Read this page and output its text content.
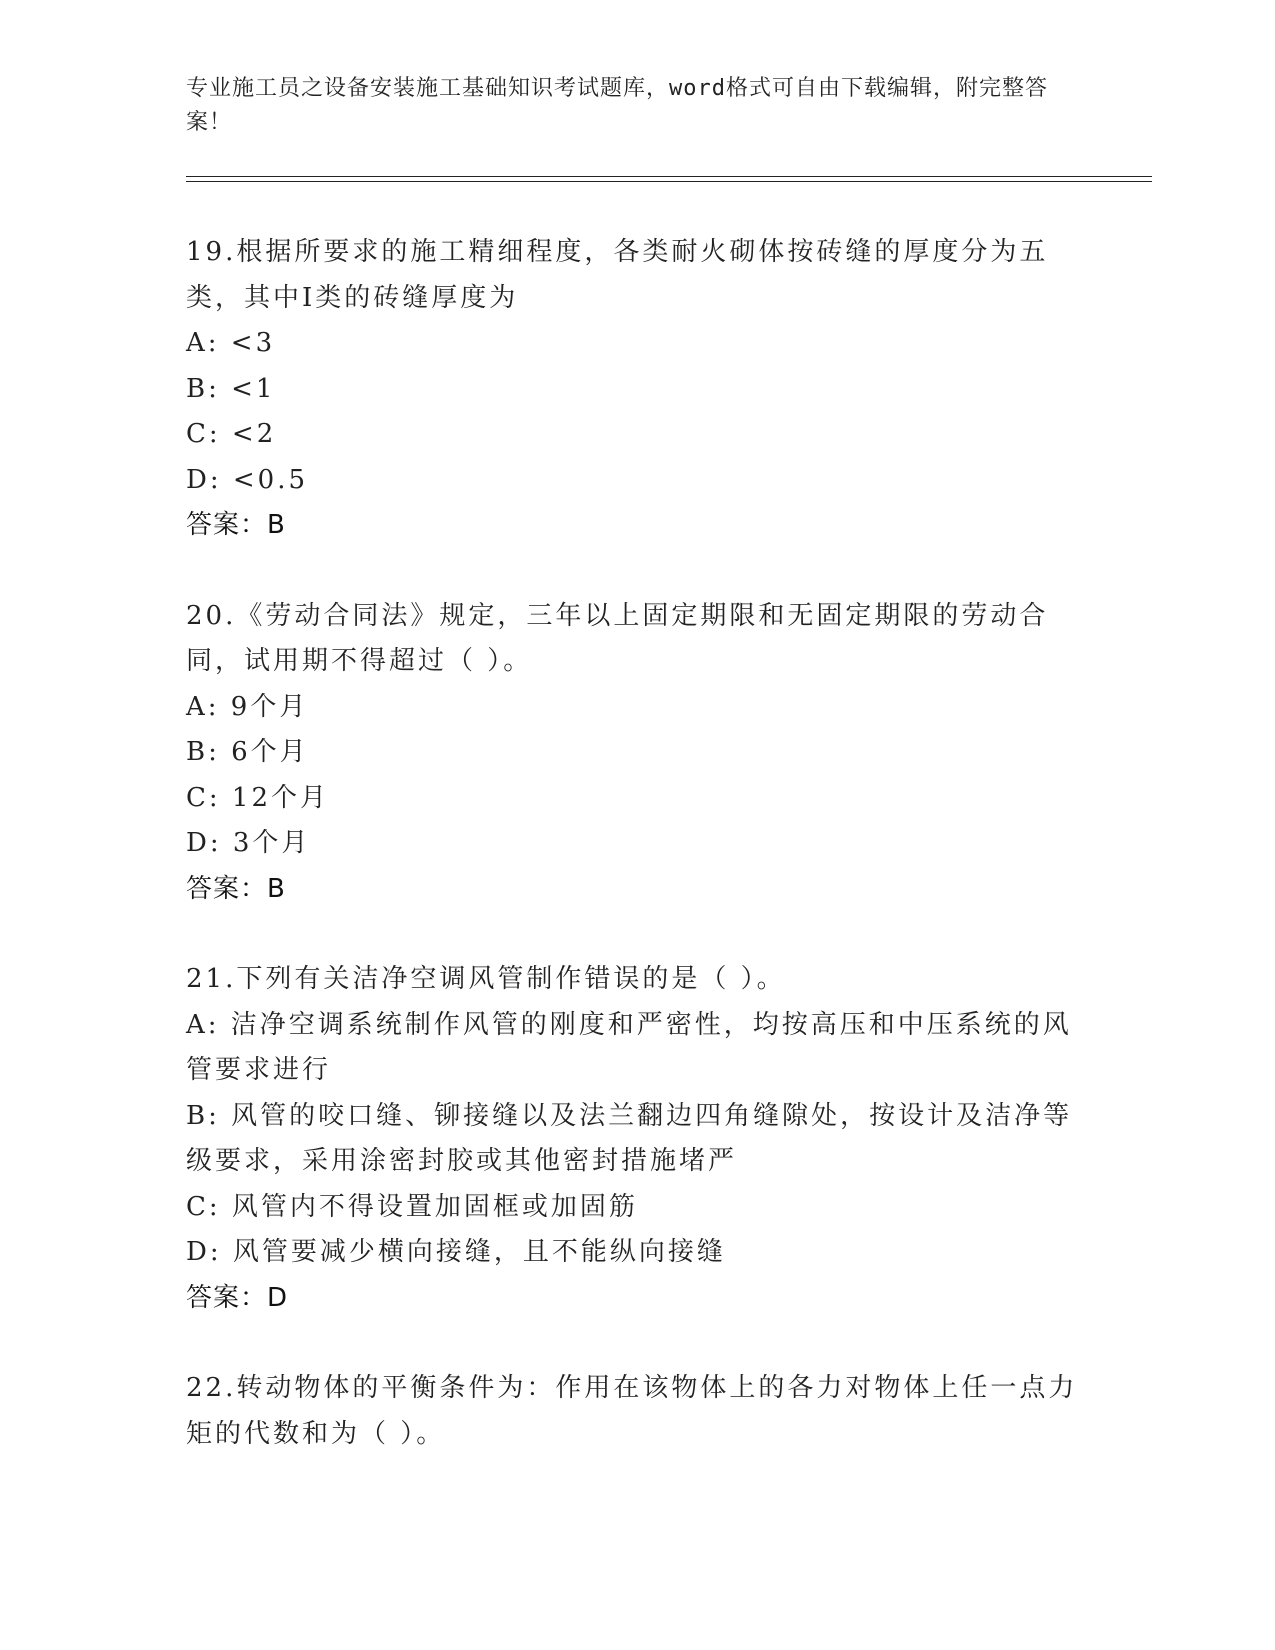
专业施工员之设备安装施工基础知识考试题库，word格式可自由下载编辑，附完整答案！
19.根据所要求的施工精细程度，各类耐火砌体按砖缝的厚度分为五类，其中Ⅰ类的砖缝厚度为
A: <3
B: <1
C: <2
D: <0.5
答案：B
20.《劳动合同法》规定，三年以上固定期限和无固定期限的劳动合同，试用期不得超过（ ）。
A: 9个月
B: 6个月
C: 12个月
D: 3个月
答案：B
21.下列有关洁净空调风管制作错误的是（ ）。
A: 洁净空调系统制作风管的刚度和严密性，均按高压和中压系统的风管要求进行
B: 风管的咬口缝、铆接缝以及法兰翻边四角缝隙处，按设计及洁净等级要求，采用涂密封胶或其他密封措施堵严
C: 风管内不得设置加固框或加固筋
D: 风管要减少横向接缝，且不能纵向接缝
答案：D
22.转动物体的平衡条件为：作用在该物体上的各力对物体上任一点力矩的代数和为（ ）。
